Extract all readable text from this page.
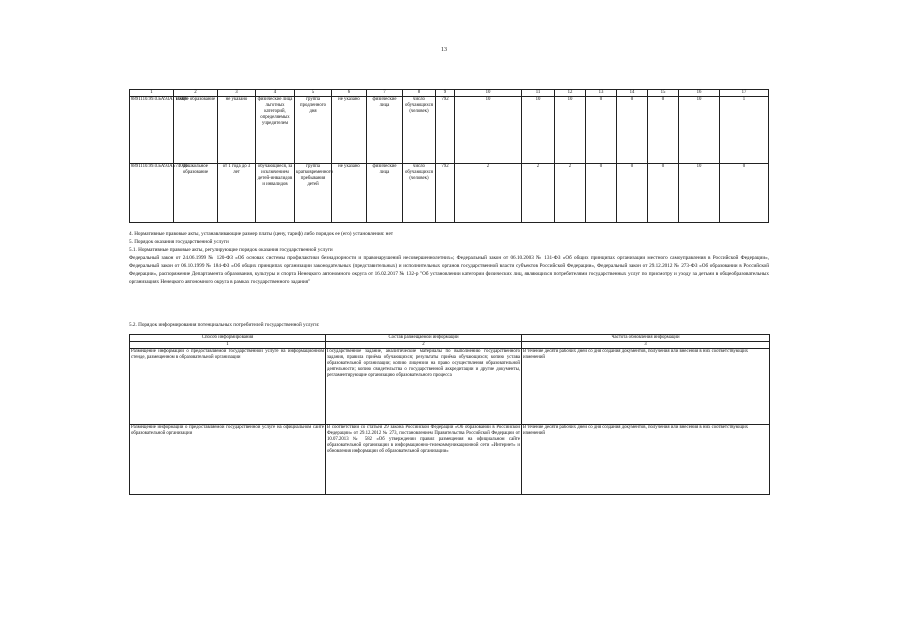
13
1	2	3	4	5	6	7	8	9	10	11	12	13	14	15	16	17
8891110.99.0.БА93АГ15000	общее образование	не указано	физические лица льготных категорий, определяемых учредителем	группа продленного дня	не указано	физические лица	число обучающихся (человек)	792	10	10	10	0	0	0	10	1
8891110.99.0.БА93АБ74000	дошкольное образование	от 1 года до 3 лет	обучающиеся, за исключением детей-инвалидов и инвалидов	группа кратковременного пребывания детей	не указано	физические лица	число обучающихся (человек)	792	2	2	2	0	0	0	10	0

4. Нормативные правовые акты, устанавливающие размер платы (цену, тариф) либо порядок ее (его) установления: нет

5. Порядок оказания государственной услуги

5.1. Нормативные правовые акты, регулирующие порядок оказания государственной услуги

Федеральный закон от 24.06.1999 № 120-ФЗ «Об основах системы профилактики безнадзорности и правонарушений несовершеннолетних»; Федеральный закон от 06.10.2003 № 131-ФЗ «Об общих принципах организации местного самоуправления в Российской Федерации», Федеральный закон от 06.10.1999 № 184-ФЗ «Об общих принципах организации законодательных (представительных) и исполнительных органов государственной власти субъектов Российской Федерации», Федеральный закон от 29.12.2012 № 273-ФЗ «Об образовании в Российской Федерации», распоряжение Департамента образования, культуры и спорта Ненецкого автономного округа от 16.02.2017 № 132-р "Об установлении категории физических лиц, являющихся потребителями государственных услуг по присмотру и уходу за детьми в общеобразовательных организациях Ненецкого автономного округа в рамках государственного задания"

5.2. Порядок информирования потенциальных потребителей государственной услуги:

Способ информирования	Состав размещаемой информации	Частота обновления информации
1	2	3
Размещение информации о предоставляемой государственной услуге на информационном стенде, размещенном в образовательной организации	Государственное задание, аналитические материалы по выполнению государственного задания, правила приёма обучающихся; результаты приёма обучающихся; копию устава образовательной организации; копию лицензии на право осуществления образовательной деятельности; копию свидетельства о государственной аккредитации и другие документы, регламентирующие организацию образовательного процесса	В течение десяти рабочих дней со дня создания документов, получения или внесения в них соответствующих изменений
Размещение информации о предоставляемой государственной услуге на официальном сайте образовательной организации	В соответствии со статьей 29 закона Российской Федерации «Об образовании в Российской Федерации» от 29.12.2012 № 273, постановлением Правительства Российской Федерации от 10.07.2013 № 582 «Об утверждении правил размещения на официальном сайте образовательной организации в информационно-телекоммуникационной сети «Интернет» и обновления информации об образовательной организации»	В течение десяти рабочих дней со дня создания документов, получения или внесения в них соответствующих изменений
